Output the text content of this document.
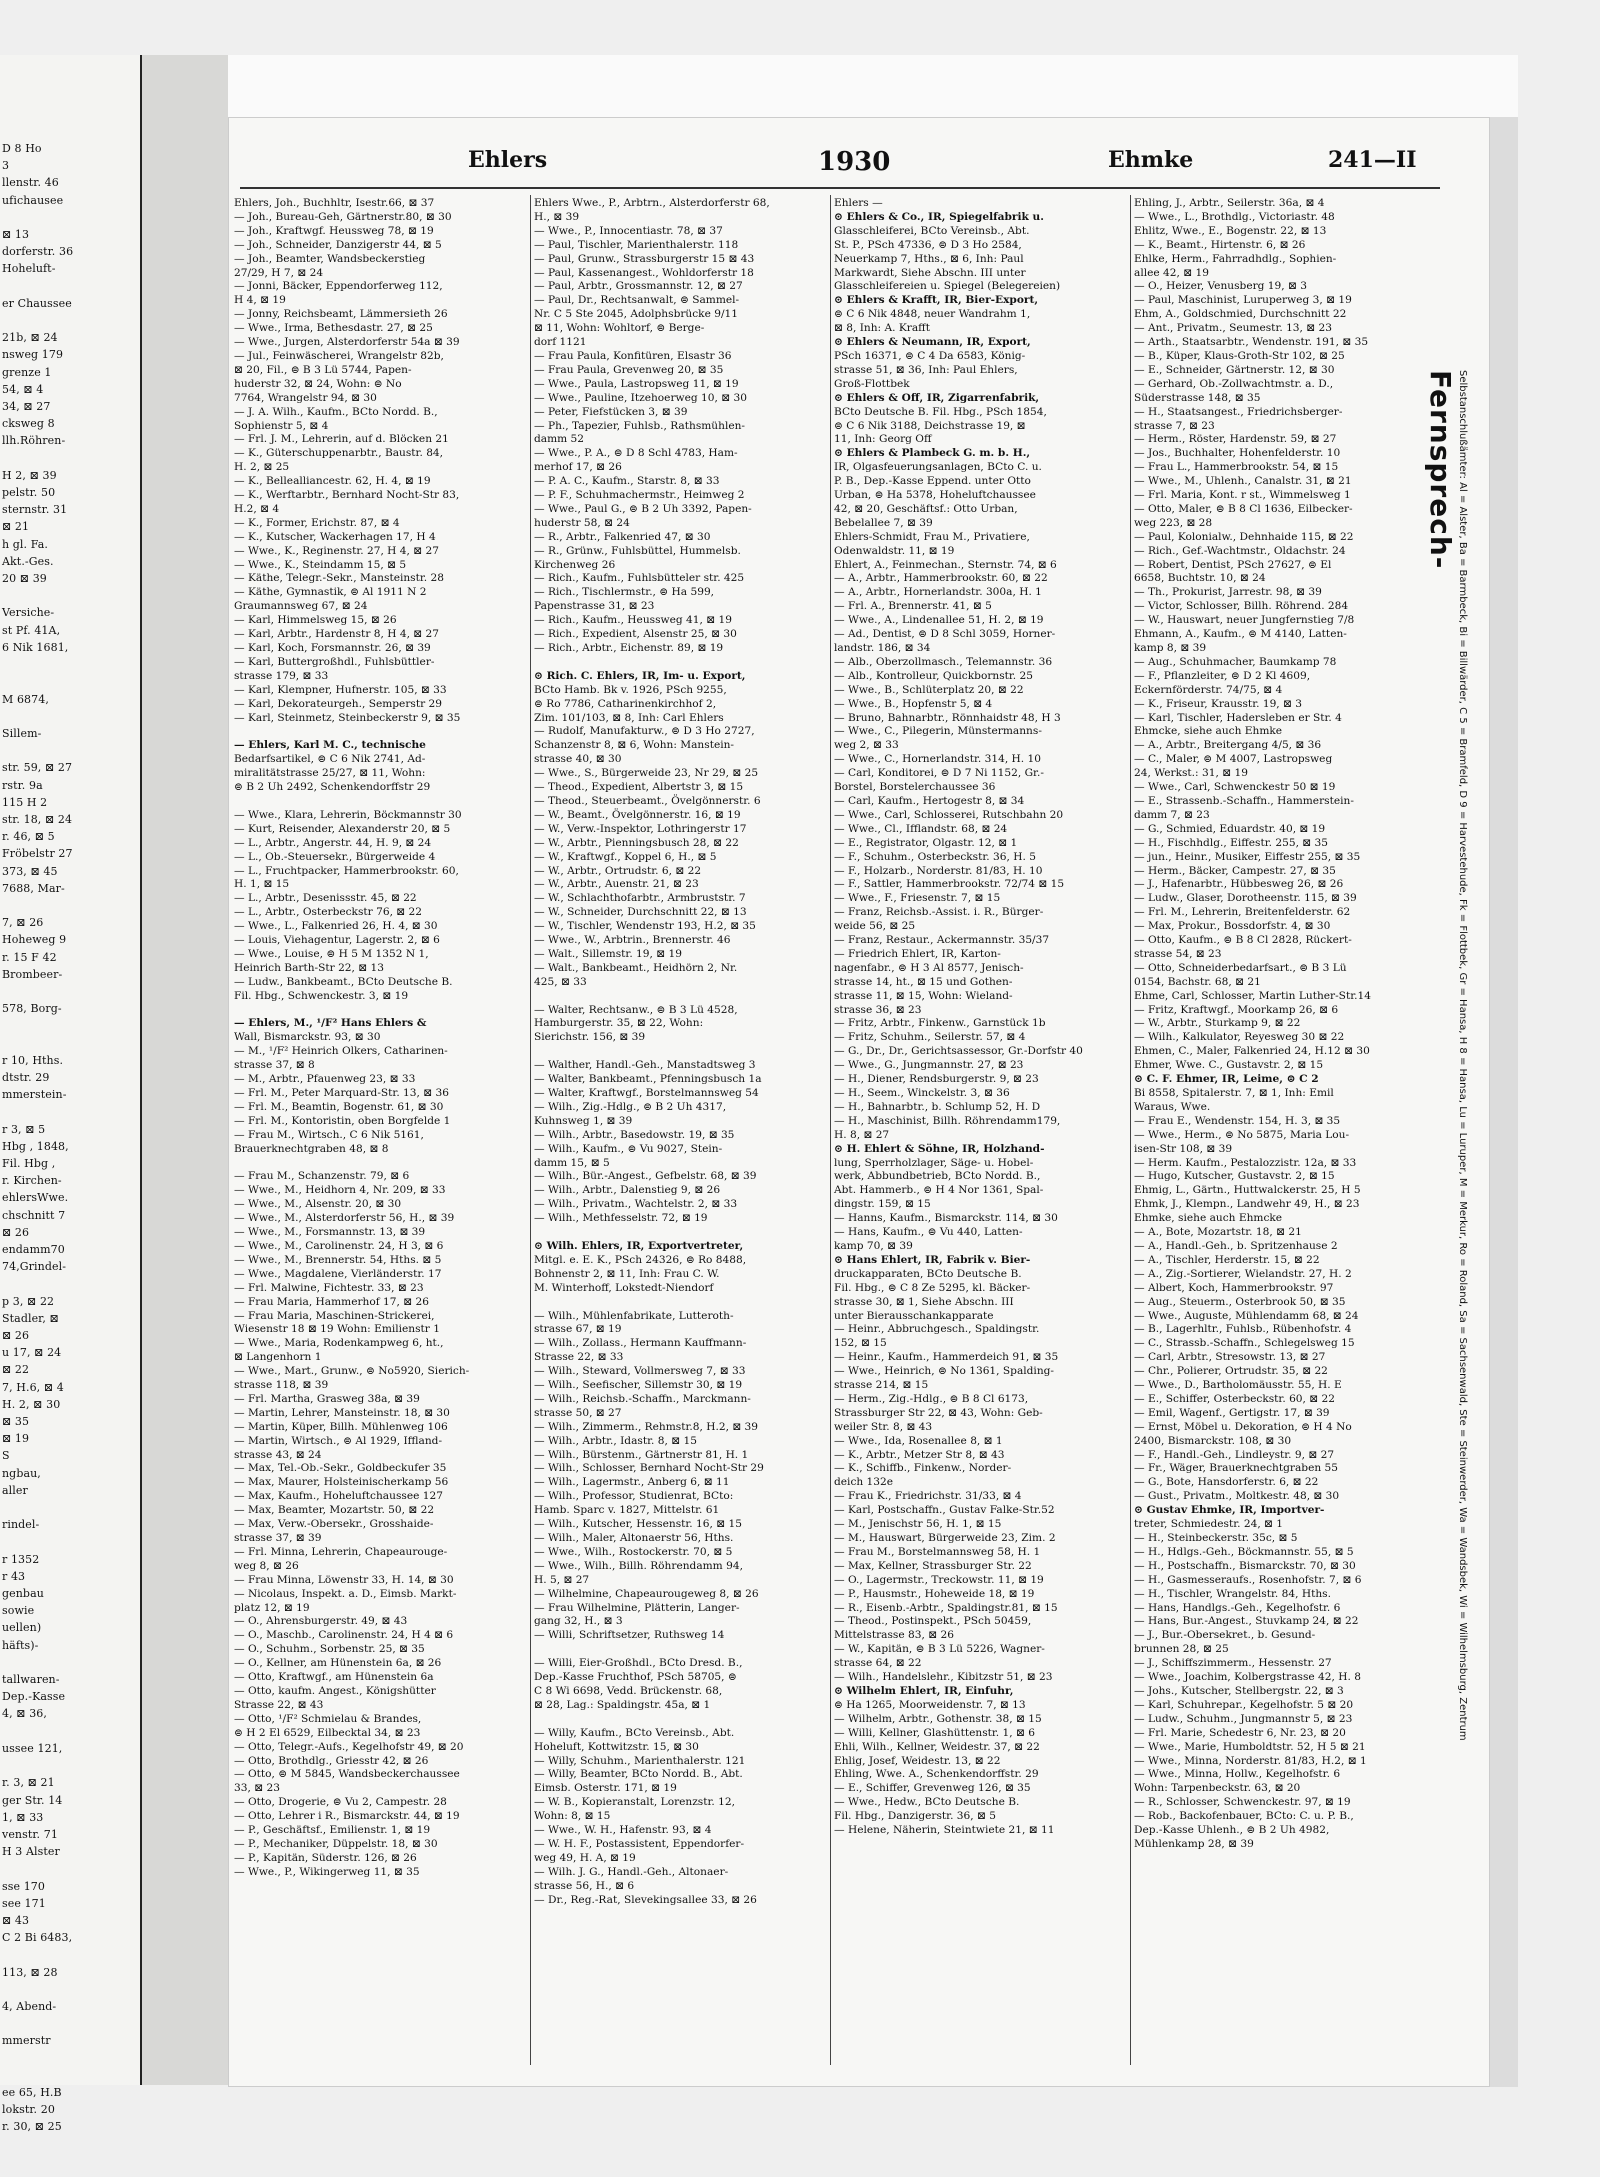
D 8 Ho
3
llenstr. 46
ufichausee

⊠ 13
dorferstr. 36
Hoheluft-

er Chaussee

21b, ⊠ 24
nsweg 179
grenze 1
54, ⊠ 4
34, ⊠ 27
cksweg 8
llh.Röhren-

H 2, ⊠ 39
pelstr. 50
sternstr. 31
⊠ 21
h gl. Fa.
Akt.-Ges.
20 ⊠ 39

Versiche-
st Pf. 41A,
6 Nik 1681,

M 6874,

Sillem-

str. 59, ⊠ 27
rstr. 9a
115 H 2
str. 18, ⊠ 24
r. 46, ⊠ 5
Fröbelstr 27
373, ⊠ 45
7688, Mar-

7, ⊠ 26
Hoheweg 9
r. 15 F 42
Brombeer-

578, Borg-

r 10, Hths.
dtstr. 29
mmerstein-

r 3, ⊠ 5
Hbg , 1848,
Fil. Hbg ,
r. Kirchen-
ehlersWwe.
chschnitt 7
⊠ 26
endamm70
74,Grindel-

p 3, ⊠ 22
Stadler, ⊠
⊠ 26
u 17, ⊠ 24
⊠ 22
7, H.6, ⊠ 4
H. 2, ⊠ 30
⊠ 35
⊠ 19
S
ngbau,
aller

rindel-

r 1352
r 43
genbau
sowie
uellen)
häfts)-

tallwaren-
Dep.-Kasse
4, ⊠ 36,

ussee 121,

r. 3, ⊠ 21
ger Str. 14
1, ⊠ 33
venstr. 71
H 3 Alster

sse 170
see 171
⊠ 43
C 2 Bi 6483,

113, ⊠ 28

4, Abend-

mmerstr

ee 65, H.B
lokstr. 20
r. 30, ⊠ 25
Ehlers	1930	Ehmke	241—II
Ehlers, Joh., Buchhltr, Isestr.66, ⊠ 37
— Joh., Bureau-Geh, Gärtnerstr.80, ⊠ 30
— Joh., Kraftwgf. Heussweg 78, ⊠ 19
— Joh., Schneider, Danzigerstr 44, ⊠ 5
— Joh., Beamter, Wandsbeckerstieg
27/29, H 7, ⊠ 24
— Jonni, Bäcker, Eppendorferweg 112,
H 4, ⊠ 19
— Jonny, Reichsbeamt, Lämmersieth 26
— Wwe., Irma, Bethesdastr. 27, ⊠ 25
— Wwe., Jurgen, Alsterdorferstr 54a ⊠ 39
— Jul., Feinwäscherei, Wrangelstr 82b,
⊠ 20, Fil., ⊜ B 3 Lü 5744, Papen-
huderstr 32, ⊠ 24, Wohn: ⊜ No
7764, Wrangelstr 94, ⊠ 30
— J. A. Wilh., Kaufm., BCto Nordd. B.,
Sophienstr 5, ⊠ 4
— Frl. J. M., Lehrerin, auf d. Blöcken 21
— K., Güterschuppenarbtr., Baustr. 84,
H. 2, ⊠ 25
— K., Bellealliancestr. 62, H. 4, ⊠ 19
— K., Werftarbtr., Bernhard Nocht-Str 83,
H.2, ⊠ 4
— K., Former, Erichstr. 87, ⊠ 4
— K., Kutscher, Wackerhagen 17, H 4
— Wwe., K., Reginenstr. 27, H 4, ⊠ 27
— Wwe., K., Steindamm 15, ⊠ 5
— Käthe, Telegr.-Sekr., Mansteinstr. 28
— Käthe, Gymnastik, ⊜ Al 1911 N 2
Graumannsweg 67, ⊠ 24
— Karl, Himmelsweg 15, ⊠ 26
— Karl, Arbtr., Hardenstr 8, H 4, ⊠ 27
— Karl, Koch, Forsmannstr. 26, ⊠ 39
— Karl, Buttergroßhdl., Fuhlsbüttler-
strasse 179, ⊠ 33
— Karl, Klempner, Hufnerstr. 105, ⊠ 33
— Karl, Dekorateurgeh., Semperstr 29
— Karl, Steinmetz, Steinbeckerstr 9, ⊠ 35

— Ehlers, Karl M. C., technische
Bedarfsartikel, ⊜ C 6 Nik 2741, Ad-
miralitätstrasse 25/27, ⊠ 11, Wohn:
⊜ B 2 Uh 2492, Schenkendorffstr 29

— Wwe., Klara, Lehrerin, Böckmannstr 30
— Kurt, Reisender, Alexanderstr 20, ⊠ 5
— L., Arbtr., Angerstr. 44, H. 9, ⊠ 24
— L., Ob.-Steuersekr., Bürgerweide 4
— L., Fruchtpacker, Hammerbrookstr. 60,
H. 1, ⊠ 15
— L., Arbtr., Desenissstr. 45, ⊠ 22
— L., Arbtr., Osterbeckstr 76, ⊠ 22
— Wwe., L., Falkenried 26, H. 4, ⊠ 30
— Louis, Viehagentur, Lagerstr. 2, ⊠ 6
— Wwe., Louise, ⊜ H 5 M 1352 N 1,
Heinrich Barth-Str 22, ⊠ 13
— Ludw., Bankbeamt., BCto Deutsche B.
Fil. Hbg., Schwenckestr. 3, ⊠ 19

— Ehlers, M., ¹/F² Hans Ehlers &
Wall, Bismarckstr. 93, ⊠ 30
— M., ¹/F² Heinrich Olkers, Catharinen-
strasse 37, ⊠ 8
— M., Arbtr., Pfauenweg 23, ⊠ 33
— Frl. M., Peter Marquard-Str. 13, ⊠ 36
— Frl. M., Beamtin, Bogenstr. 61, ⊠ 30
— Frl. M., Kontoristin, oben Borgfelde 1
— Frau M., Wirtsch., C 6 Nik 5161,
Brauerknechtgraben 48, ⊠ 8

— Frau M., Schanzenstr. 79, ⊠ 6
— Wwe., M., Heidhorn 4, Nr. 209, ⊠ 33
— Wwe., M., Alsenstr. 20, ⊠ 30
— Wwe., M., Alsterdorferstr 56, H., ⊠ 39
— Wwe., M., Forsmannstr. 13, ⊠ 39
— Wwe., M., Carolinenstr. 24, H 3, ⊠ 6
— Wwe., M., Brennerstr. 54, Hths. ⊠ 5
— Wwe., Magdalene, Vierländerstr. 17
— Frl. Malwine, Fichtestr. 33, ⊠ 23
— Frau Maria, Hammerhof 17, ⊠ 26
— Frau Maria, Maschinen-Strickerei,
Wiesenstr 18 ⊠ 19 Wohn: Emilienstr 1
— Wwe., Maria, Rodenkampweg 6, ht.,
⊠ Langenhorn 1
— Wwe., Mart., Grunw., ⊜ No5920, Sierich-
strasse 118, ⊠ 39
— Frl. Martha, Grasweg 38a, ⊠ 39
— Martin, Lehrer, Mansteinstr. 18, ⊠ 30
— Martin, Küper, Billh. Mühlenweg 106
— Martin, Wirtsch., ⊜ Al 1929, Iffland-
strasse 43, ⊠ 24
— Max, Tel.-Ob.-Sekr., Goldbeckufer 35
— Max, Maurer, Holsteinischerkamp 56
— Max, Kaufm., Hoheluftchaussee 127
— Max, Beamter, Mozartstr. 50, ⊠ 22
— Max, Verw.-Obersekr., Grosshaide-
strasse 37, ⊠ 39
— Frl. Minna, Lehrerin, Chapeaurouge-
weg 8, ⊠ 26
— Frau Minna, Löwenstr 33, H. 14, ⊠ 30
— Nicolaus, Inspekt. a. D., Eimsb. Markt-
platz 12, ⊠ 19
— O., Ahrensburgerstr. 49, ⊠ 43
— O., Maschb., Carolinenstr. 24, H 4 ⊠ 6
— O., Schuhm., Sorbenstr. 25, ⊠ 35
— O., Kellner, am Hünenstein 6a, ⊠ 26
— Otto, Kraftwgf., am Hünenstein 6a
— Otto, kaufm. Angest., Königshütter
Strasse 22, ⊠ 43
— Otto, ¹/F² Schmielau & Brandes,
⊜ H 2 El 6529, Eilbecktal 34, ⊠ 23
— Otto, Telegr.-Aufs., Kegelhofstr 49, ⊠ 20
— Otto, Brothdlg., Griesstr 42, ⊠ 26
— Otto, ⊜ M 5845, Wandsbeckerchaussee
33, ⊠ 23
— Otto, Drogerie, ⊜ Vu 2, Campestr. 28
— Otto, Lehrer i R., Bismarckstr. 44, ⊠ 19
— P., Geschäftsf., Emilienstr. 1, ⊠ 19
— P., Mechaniker, Düppelstr. 18, ⊠ 30
— P., Kapitän, Süderstr. 126, ⊠ 26
— Wwe., P., Wikingerweg 11, ⊠ 35
Ehlers Wwe., P., Arbtrn., Alsterdorferstr 68,
H., ⊠ 39
— Wwe., P., Innocentiastr. 78, ⊠ 37
— Paul, Tischler, Marienthalerstr. 118
— Paul, Grunw., Strassburgerstr 15 ⊠ 43
— Paul, Kassenangest., Wohldorferstr 18
— Paul, Arbtr., Grossmannstr. 12, ⊠ 27
— Paul, Dr., Rechtsanwalt, ⊜ Sammel-
Nr. C 5 Ste 2045, Adolphsbrücke 9/11
⊠ 11, Wohn: Wohltorf, ⊜ Berge-
dorf 1121
— Frau Paula, Konfitüren, Elsastr 36
— Frau Paula, Grevenweg 20, ⊠ 35
— Wwe., Paula, Lastropsweg 11, ⊠ 19
— Wwe., Pauline, Itzehoerweg 10, ⊠ 30
— Peter, Fiefstücken 3, ⊠ 39
— Ph., Tapezier, Fuhlsb., Rathsmühlen-
damm 52
— Wwe., P. A., ⊜ D 8 Schl 4783, Ham-
merhof 17, ⊠ 26
— P. A. C., Kaufm., Starstr. 8, ⊠ 33
— P. F., Schuhmachermstr., Heimweg 2
— Wwe., Paul G., ⊜ B 2 Uh 3392, Papen-
huderstr 58, ⊠ 24
— R., Arbtr., Falkenried 47, ⊠ 30
— R., Grünw., Fuhlsbüttel, Hummelsb.
Kirchenweg 26
— Rich., Kaufm., Fuhlsbütteler str. 425
— Rich., Tischlermstr., ⊜ Ha 599,
Papenstrasse 31, ⊠ 23
— Rich., Kaufm., Heussweg 41, ⊠ 19
— Rich., Expedient, Alsenstr 25, ⊠ 30
— Rich., Arbtr., Eichenstr. 89, ⊠ 19

⊙ Rich. C. Ehlers, IR, Im- u. Export,
BCto Hamb. Bk v. 1926, PSch 9255,
⊜ Ro 7786, Catharinenkirchhof 2,
Zim. 101/103, ⊠ 8, Inh: Carl Ehlers
— Rudolf, Manufakturw., ⊜ D 3 Ho 2727,
Schanzenstr 8, ⊠ 6, Wohn: Manstein-
strasse 40, ⊠ 30
— Wwe., S., Bürgerweide 23, Nr 29, ⊠ 25
— Theod., Expedient, Albertstr 3, ⊠ 15
— Theod., Steuerbeamt., Övelgönnerstr. 6
— W., Beamt., Övelgönnerstr. 16, ⊠ 19
— W., Verw.-Inspektor, Lothringerstr 17
— W., Arbtr., Pienningsbusch 28, ⊠ 22
— W., Kraftwgf., Koppel 6, H., ⊠ 5
— W., Arbtr., Ortrudstr. 6, ⊠ 22
— W., Arbtr., Auenstr. 21, ⊠ 23
— W., Schlachthofarbtr., Armbruststr. 7
— W., Schneider, Durchschnitt 22, ⊠ 13
— W., Tischler, Wendenstr 193, H.2, ⊠ 35
— Wwe., W., Arbtrin., Brennerstr. 46
— Walt., Sillemstr. 19, ⊠ 19
— Walt., Bankbeamt., Heidhörn 2, Nr.
425, ⊠ 33

— Walter, Rechtsanw., ⊜ B 3 Lü 4528,
Hamburgerstr. 35, ⊠ 22, Wohn:
Sierichstr. 156, ⊠ 39

— Walther, Handl.-Geh., Manstadtsweg 3
— Walter, Bankbeamt., Pfenningsbusch 1a
— Walter, Kraftwgf., Borstelmannsweg 54
— Wilh., Zig.-Hdlg., ⊜ B 2 Uh 4317,
Kuhnsweg 1, ⊠ 39
— Wilh., Arbtr., Basedowstr. 19, ⊠ 35
— Wilh., Kaufm., ⊜ Vu 9027, Stein-
damm 15, ⊠ 5
— Wilh., Bür.-Angest., Gefbelstr. 68, ⊠ 39
— Wilh., Arbtr., Dalenstieg 9, ⊠ 26
— Wilh., Privatm., Wachtelstr. 2, ⊠ 33
— Wilh., Methfesselstr. 72, ⊠ 19

⊙ Wilh. Ehlers, IR, Exportvertreter,
Mitgl. e. E. K., PSch 24326, ⊜ Ro 8488,
Bohnenstr 2, ⊠ 11, Inh: Frau C. W.
M. Winterhoff, Lokstedt-Niendorf

— Wilh., Mühlenfabrikate, Lutteroth-
strasse 67, ⊠ 19
— Wilh., Zollass., Hermann Kauffmann-
Strasse 22, ⊠ 33
— Wilh., Steward, Vollmersweg 7, ⊠ 33
— Wilh., Seefischer, Sillemstr 30, ⊠ 19
— Wilh., Reichsb.-Schaffn., Marckmann-
strasse 50, ⊠ 27
— Wilh., Zimmerm., Rehmstr.8, H.2, ⊠ 39
— Wilh., Arbtr., Idastr. 8, ⊠ 15
— Wilh., Bürstenm., Gärtnerstr 81, H. 1
— Wilh., Schlosser, Bernhard Nocht-Str 29
— Wilh., Lagermstr., Anberg 6, ⊠ 11
— Wilh., Professor, Studienrat, BCto:
Hamb. Sparc v. 1827, Mittelstr. 61
— Wilh., Kutscher, Hessenstr. 16, ⊠ 15
— Wilh., Maler, Altonaerstr 56, Hths.
— Wwe., Wilh., Rostockerstr. 70, ⊠ 5
— Wwe., Wilh., Billh. Röhrendamm 94,
H. 5, ⊠ 27
— Wilhelmine, Chapeaurougeweg 8, ⊠ 26
— Frau Wilhelmine, Plätterin, Langer-
gang 32, H., ⊠ 3
— Willi, Schriftsetzer, Ruthsweg 14

— Willi, Eier-Großhdl., BCto Dresd. B.,
Dep.-Kasse Fruchthof, PSch 58705, ⊜
C 8 Wi 6698, Vedd. Brückenstr. 68,
⊠ 28, Lag.: Spaldingstr. 45a, ⊠ 1

— Willy, Kaufm., BCto Vereinsb., Abt.
Hoheluft, Kottwitzstr. 15, ⊠ 30
— Willy, Schuhm., Marienthalerstr. 121
— Willy, Beamter, BCto Nordd. B., Abt.
Eimsb. Osterstr. 171, ⊠ 19
— W. B., Kopieranstalt, Lorenzstr. 12,
Wohn: 8, ⊠ 15
— Wwe., W. H., Hafenstr. 93, ⊠ 4
— W. H. F., Postassistent, Eppendorfer-
weg 49, H. A, ⊠ 19
— Wilh. J. G., Handl.-Geh., Altonaer-
strasse 56, H., ⊠ 6
— Dr., Reg.-Rat, Slevekingsallee 33, ⊠ 26
Ehlers —
⊙ Ehlers & Co., IR, Spiegelfabrik u.
Glasschleiferei, BCto Vereinsb., Abt.
St. P., PSch 47336, ⊜ D 3 Ho 2584,
Neuerkamp 7, Hths., ⊠ 6, Inh: Paul
Markwardt, Siehe Abschn. III unter
Glasschleifereien u. Spiegel (Belegereien)
⊙ Ehlers & Krafft, IR, Bier-Export,
⊜ C 6 Nik 4848, neuer Wandrahm 1,
⊠ 8, Inh: A. Krafft
⊙ Ehlers & Neumann, IR, Export,
PSch 16371, ⊜ C 4 Da 6583, König-
strasse 51, ⊠ 36, Inh: Paul Ehlers,
Groß-Flottbek
⊙ Ehlers & Off, IR, Zigarrenfabrik,
BCto Deutsche B. Fil. Hbg., PSch 1854,
⊜ C 6 Nik 3188, Deichstrasse 19, ⊠
11, Inh: Georg Off
⊙ Ehlers & Plambeck G. m. b. H.,
IR, Olgasfeuerungsanlagen, BCto C. u.
P. B., Dep.-Kasse Eppend. unter Otto
Urban, ⊜ Ha 5378, Hoheluftchaussee
42, ⊠ 20, Geschäftsf.: Otto Urban,
Bebelallee 7, ⊠ 39
Ehlers-Schmidt, Frau M., Privatiere,
Odenwaldstr. 11, ⊠ 19
Ehlert, A., Feinmechan., Sternstr. 74, ⊠ 6
— A., Arbtr., Hammerbrookstr. 60, ⊠ 22
— A., Arbtr., Hornerlandstr. 300a, H. 1
— Frl. A., Brennerstr. 41, ⊠ 5
— Wwe., A., Lindenallee 51, H. 2, ⊠ 19
— Ad., Dentist, ⊜ D 8 Schl 3059, Horner-
landstr. 186, ⊠ 34
— Alb., Oberzollmasch., Telemannstr. 36
— Alb., Kontrolleur, Quickbornstr. 25
— Wwe., B., Schlüterplatz 20, ⊠ 22
— Wwe., B., Hopfenstr 5, ⊠ 4
— Bruno, Bahnarbtr., Rönnhaidstr 48, H 3
— Wwe., C., Pilegerin, Münstermanns-
weg 2, ⊠ 33
— Wwe., C., Hornerlandstr. 314, H. 10
— Carl, Konditorei, ⊜ D 7 Ni 1152, Gr.-
Borstel, Borstelerchaussee 36
— Carl, Kaufm., Hertogestr 8, ⊠ 34
— Wwe., Carl, Schlosserei, Rutschbahn 20
— Wwe., Cl., Ifflandstr. 68, ⊠ 24
— E., Registrator, Olgastr. 12, ⊠ 1
— F., Schuhm., Osterbeckstr. 36, H. 5
— F., Holzarb., Norderstr. 81/83, H. 10
— F., Sattler, Hammerbrookstr. 72/74 ⊠ 15
— Wwe., F., Friesenstr. 7, ⊠ 15
— Franz, Reichsb.-Assist. i. R., Bürger-
weide 56, ⊠ 25
— Franz, Restaur., Ackermannstr. 35/37
— Friedrich Ehlert, IR, Karton-
nagenfabr., ⊜ H 3 Al 8577, Jenisch-
strasse 14, ht., ⊠ 15 und Gothen-
strasse 11, ⊠ 15, Wohn: Wieland-
strasse 36, ⊠ 23
— Fritz, Arbtr., Finkenw., Garnstück 1b
— Fritz, Schuhm., Seilerstr. 57, ⊠ 4
— G., Dr., Dr., Gerichtsassessor, Gr.-Dorfstr 40
— Wwe., G., Jungmannstr. 27, ⊠ 23
— H., Diener, Rendsburgerstr. 9, ⊠ 23
— H., Seem., Winckelstr. 3, ⊠ 36
— H., Bahnarbtr., b. Schlump 52, H. D
— H., Maschinist, Billh. Röhrendamm179,
H. 8, ⊠ 27
⊙ H. Ehlert & Söhne, IR, Holzhand-
lung, Sperrholzlager, Säge- u. Hobel-
werk, Abbundbetrieb, BCto Nordd. B.,
Abt. Hammerb., ⊜ H 4 Nor 1361, Spal-
dingstr. 159, ⊠ 15
— Hanns, Kaufm., Bismarckstr. 114, ⊠ 30
— Hans, Kaufm., ⊜ Vu 440, Latten-
kamp 70, ⊠ 39
⊙ Hans Ehlert, IR, Fabrik v. Bier-
druckapparaten, BCto Deutsche B.
Fil. Hbg., ⊜ C 8 Ze 5295, kl. Bäcker-
strasse 30, ⊠ 1, Siehe Abschn. III
unter Bierausschankapparate
— Heinr., Abbruchgesch., Spaldingstr.
152, ⊠ 15
— Heinr., Kaufm., Hammerdeich 91, ⊠ 35
— Wwe., Heinrich, ⊜ No 1361, Spalding-
strasse 214, ⊠ 15
— Herm., Zig.-Hdlg., ⊜ B 8 Cl 6173,
Strassburger Str 22, ⊠ 43, Wohn: Geb-
weiler Str. 8, ⊠ 43
— Wwe., Ida, Rosenallee 8, ⊠ 1
— K., Arbtr., Metzer Str 8, ⊠ 43
— K., Schiffb., Finkenw., Norder-
deich 132e
— Frau K., Friedrichstr. 31/33, ⊠ 4
— Karl, Postschaffn., Gustav Falke-Str.52
— M., Jenischstr 56, H. 1, ⊠ 15
— M., Hauswart, Bürgerweide 23, Zim. 2
— Frau M., Borstelmannsweg 58, H. 1
— Max, Kellner, Strassburger Str. 22
— O., Lagermstr., Treckowstr. 11, ⊠ 19
— P., Hausmstr., Hoheweide 18, ⊠ 19
— R., Eisenb.-Arbtr., Spaldingstr.81, ⊠ 15
— Theod., Postinspekt., PSch 50459,
Mittelstrasse 83, ⊠ 26
— W., Kapitän, ⊜ B 3 Lü 5226, Wagner-
strasse 64, ⊠ 22
— Wilh., Handelslehr., Kibitzstr 51, ⊠ 23
⊙ Wilhelm Ehlert, IR, Einfuhr,
⊜ Ha 1265, Moorweidenstr. 7, ⊠ 13
— Wilhelm, Arbtr., Gothenstr. 38, ⊠ 15
— Willi, Kellner, Glashüttenstr. 1, ⊠ 6
Ehli, Wilh., Kellner, Weidestr. 37, ⊠ 22
Ehlig, Josef, Weidestr. 13, ⊠ 22
Ehling, Wwe. A., Schenkendorffstr. 29
— E., Schiffer, Grevenweg 126, ⊠ 35
— Wwe., Hedw., BCto Deutsche B.
Fil. Hbg., Danzigerstr. 36, ⊠ 5
— Helene, Näherin, Steintwiete 21, ⊠ 11
Ehling, J., Arbtr., Seilerstr. 36a, ⊠ 4
— Wwe., L., Brothdlg., Victoriastr. 48
Ehlitz, Wwe., E., Bogenstr. 22, ⊠ 13
— K., Beamt., Hirtenstr. 6, ⊠ 26
Ehlke, Herm., Fahrradhdlg., Sophien-
allee 42, ⊠ 19
— O., Heizer, Venusberg 19, ⊠ 3
— Paul, Maschinist, Luruperweg 3, ⊠ 19
Ehm, A., Goldschmied, Durchschnitt 22
— Ant., Privatm., Seumestr. 13, ⊠ 23
— Arth., Staatsarbtr., Wendenstr. 191, ⊠ 35
— B., Küper, Klaus-Groth-Str 102, ⊠ 25
— E., Schneider, Gärtnerstr. 12, ⊠ 30
— Gerhard, Ob.-Zollwachtmstr. a. D.,
Süderstrasse 148, ⊠ 35
— H., Staatsangest., Friedrichsberger-
strasse 7, ⊠ 23
— Herm., Röster, Hardenstr. 59, ⊠ 27
— Jos., Buchhalter, Hohenfelderstr. 10
— Frau L., Hammerbrookstr. 54, ⊠ 15
— Wwe., M., Uhlenh., Canalstr. 31, ⊠ 21
— Frl. Maria, Kont. r st., Wimmelsweg 1
— Otto, Maler, ⊜ B 8 Cl 1636, Eilbecker-
weg 223, ⊠ 28
— Paul, Kolonialw., Dehnhaide 115, ⊠ 22
— Rich., Gef.-Wachtmstr., Oldachstr. 24
— Robert, Dentist, PSch 27627, ⊜ El
6658, Buchtstr. 10, ⊠ 24
— Th., Prokurist, Jarrestr. 98, ⊠ 39
— Victor, Schlosser, Billh. Röhrend. 284
— W., Hauswart, neuer Jungfernstieg 7/8
Ehmann, A., Kaufm., ⊜ M 4140, Latten-
kamp 8, ⊠ 39
— Aug., Schuhmacher, Baumkamp 78
— F., Pflanzleiter, ⊜ D 2 Kl 4609,
Eckernförderstr. 74/75, ⊠ 4
— K., Friseur, Krausstr. 19, ⊠ 3
— Karl, Tischler, Hadersleben er Str. 4
Ehmcke, siehe auch Ehmke
— A., Arbtr., Breitergang 4/5, ⊠ 36
— C., Maler, ⊜ M 4007, Lastropsweg
24, Werkst.: 31, ⊠ 19
— Wwe., Carl, Schwenckestr 50 ⊠ 19
— E., Strassenb.-Schaffn., Hammerstein-
damm 7, ⊠ 23
— G., Schmied, Eduardstr. 40, ⊠ 19
— H., Fischhdlg., Eiffestr. 255, ⊠ 35
— jun., Heinr., Musiker, Eiffestr 255, ⊠ 35
— Herm., Bäcker, Campestr. 27, ⊠ 35
— J., Hafenarbtr., Hübbesweg 26, ⊠ 26
— Ludw., Glaser, Dorotheenstr. 115, ⊠ 39
— Frl. M., Lehrerin, Breitenfelderstr. 62
— Max, Prokur., Bossdorfstr. 4, ⊠ 30
— Otto, Kaufm., ⊜ B 8 Cl 2828, Rückert-
strasse 54, ⊠ 23
— Otto, Schneiderbedarfsart., ⊜ B 3 Lü
0154, Bachstr. 68, ⊠ 21
Ehme, Carl, Schlosser, Martin Luther-Str.14
— Fritz, Kraftwgf., Moorkamp 26, ⊠ 6
— W., Arbtr., Sturkamp 9, ⊠ 22
— Wilh., Kalkulator, Reyesweg 30 ⊠ 22
Ehmen, C., Maler, Falkenried 24, H.12 ⊠ 30
Ehmer, Wwe. C., Gustavstr. 2, ⊠ 15
⊙ C. F. Ehmer, IR, Leime, ⊜ C 2
Bi 8558, Spitalerstr. 7, ⊠ 1, Inh: Emil
Waraus, Wwe.
— Frau E., Wendenstr. 154, H. 3, ⊠ 35
— Wwe., Herm., ⊜ No 5875, Maria Lou-
isen-Str 108, ⊠ 39
— Herm. Kaufm., Pestalozzistr. 12a, ⊠ 33
— Hugo, Kutscher, Gustavstr. 2, ⊠ 15
Ehmig, L., Gärtn., Huttwalckerstr. 25, H 5
Ehmk, J., Klempn., Landwehr 49, H., ⊠ 23
Ehmke, siehe auch Ehmcke
— A., Bote, Mozartstr. 18, ⊠ 21
— A., Handl.-Geh., b. Spritzenhause 2
— A., Tischler, Herderstr. 15, ⊠ 22
— A., Zig.-Sortierer, Wielandstr. 27, H. 2
— Albert, Koch, Hammerbrookstr. 97
— Aug., Steuerm., Osterbrook 50, ⊠ 35
— Wwe., Auguste, Mühlendamm 68, ⊠ 24
— B., Lagerhltr., Fuhlsb., Rübenhofstr. 4
— C., Strassb.-Schaffn., Schlegelsweg 15
— Carl, Arbtr., Stresowstr. 13, ⊠ 27
— Chr., Polierer, Ortrudstr. 35, ⊠ 22
— Wwe., D., Bartholomäusstr. 55, H. E
— E., Schiffer, Osterbeckstr. 60, ⊠ 22
— Emil, Wagenf., Gertigstr. 17, ⊠ 39
— Ernst, Möbel u. Dekoration, ⊜ H 4 No
2400, Bismarckstr. 108, ⊠ 30
— F., Handl.-Geh., Lindleystr. 9, ⊠ 27
— Fr., Wäger, Brauerknechtgraben 55
— G., Bote, Hansdorferstr. 6, ⊠ 22
— Gust., Privatm., Moltkestr. 48, ⊠ 30
⊙ Gustav Ehmke, IR, Importver-
treter, Schmiedestr. 24, ⊠ 1
— H., Steinbeckerstr. 35c, ⊠ 5
— H., Hdlgs.-Geh., Böckmannstr. 55, ⊠ 5
— H., Postschaffn., Bismarckstr. 70, ⊠ 30
— H., Gasmesseraufs., Rosenhofstr. 7, ⊠ 6
— H., Tischler, Wrangelstr. 84, Hths.
— Hans, Handlgs.-Geh., Kegelhofstr. 6
— Hans, Bur.-Angest., Stuvkamp 24, ⊠ 22
— J., Bur.-Obersekret., b. Gesund-
brunnen 28, ⊠ 25
— J., Schiffszimmerm., Hessenstr. 27
— Wwe., Joachim, Kolbergstrasse 42, H. 8
— Johs., Kutscher, Stellbergstr. 22, ⊠ 3
— Karl, Schuhrepar., Kegelhofstr. 5 ⊠ 20
— Ludw., Schuhm., Jungmannstr 5, ⊠ 23
— Frl. Marie, Schedestr 6, Nr. 23, ⊠ 20
— Wwe., Marie, Humboldtstr. 52, H 5 ⊠ 21
— Wwe., Minna, Norderstr. 81/83, H.2, ⊠ 1
— Wwe., Minna, Hollw., Kegelhofstr. 6
Wohn: Tarpenbeckstr. 63, ⊠ 20
— R., Schlosser, Schwenckestr. 97, ⊠ 19
— Rob., Backofenbauer, BCto: C. u. P. B.,
Dep.-Kasse Uhlenh., ⊜ B 2 Uh 4982,
Mühlenkamp 28, ⊠ 39
Fernsprech- Selbstanschlußämter: Al = Alster, Ba = Barmbeck, Bi = Billwärder, C 5 = Bramfeld, D 9 = Harvestehude, Fk = Flottbek, Gr = Hansa, H 8 = Hansa, Lu = Luruper, M = Merkur, Ro = Roland, Sa = Sachsenwald, Ste = Steinwerder, Wa = Wandsbek, Wi = Wilhelmsburg, Zentrum
